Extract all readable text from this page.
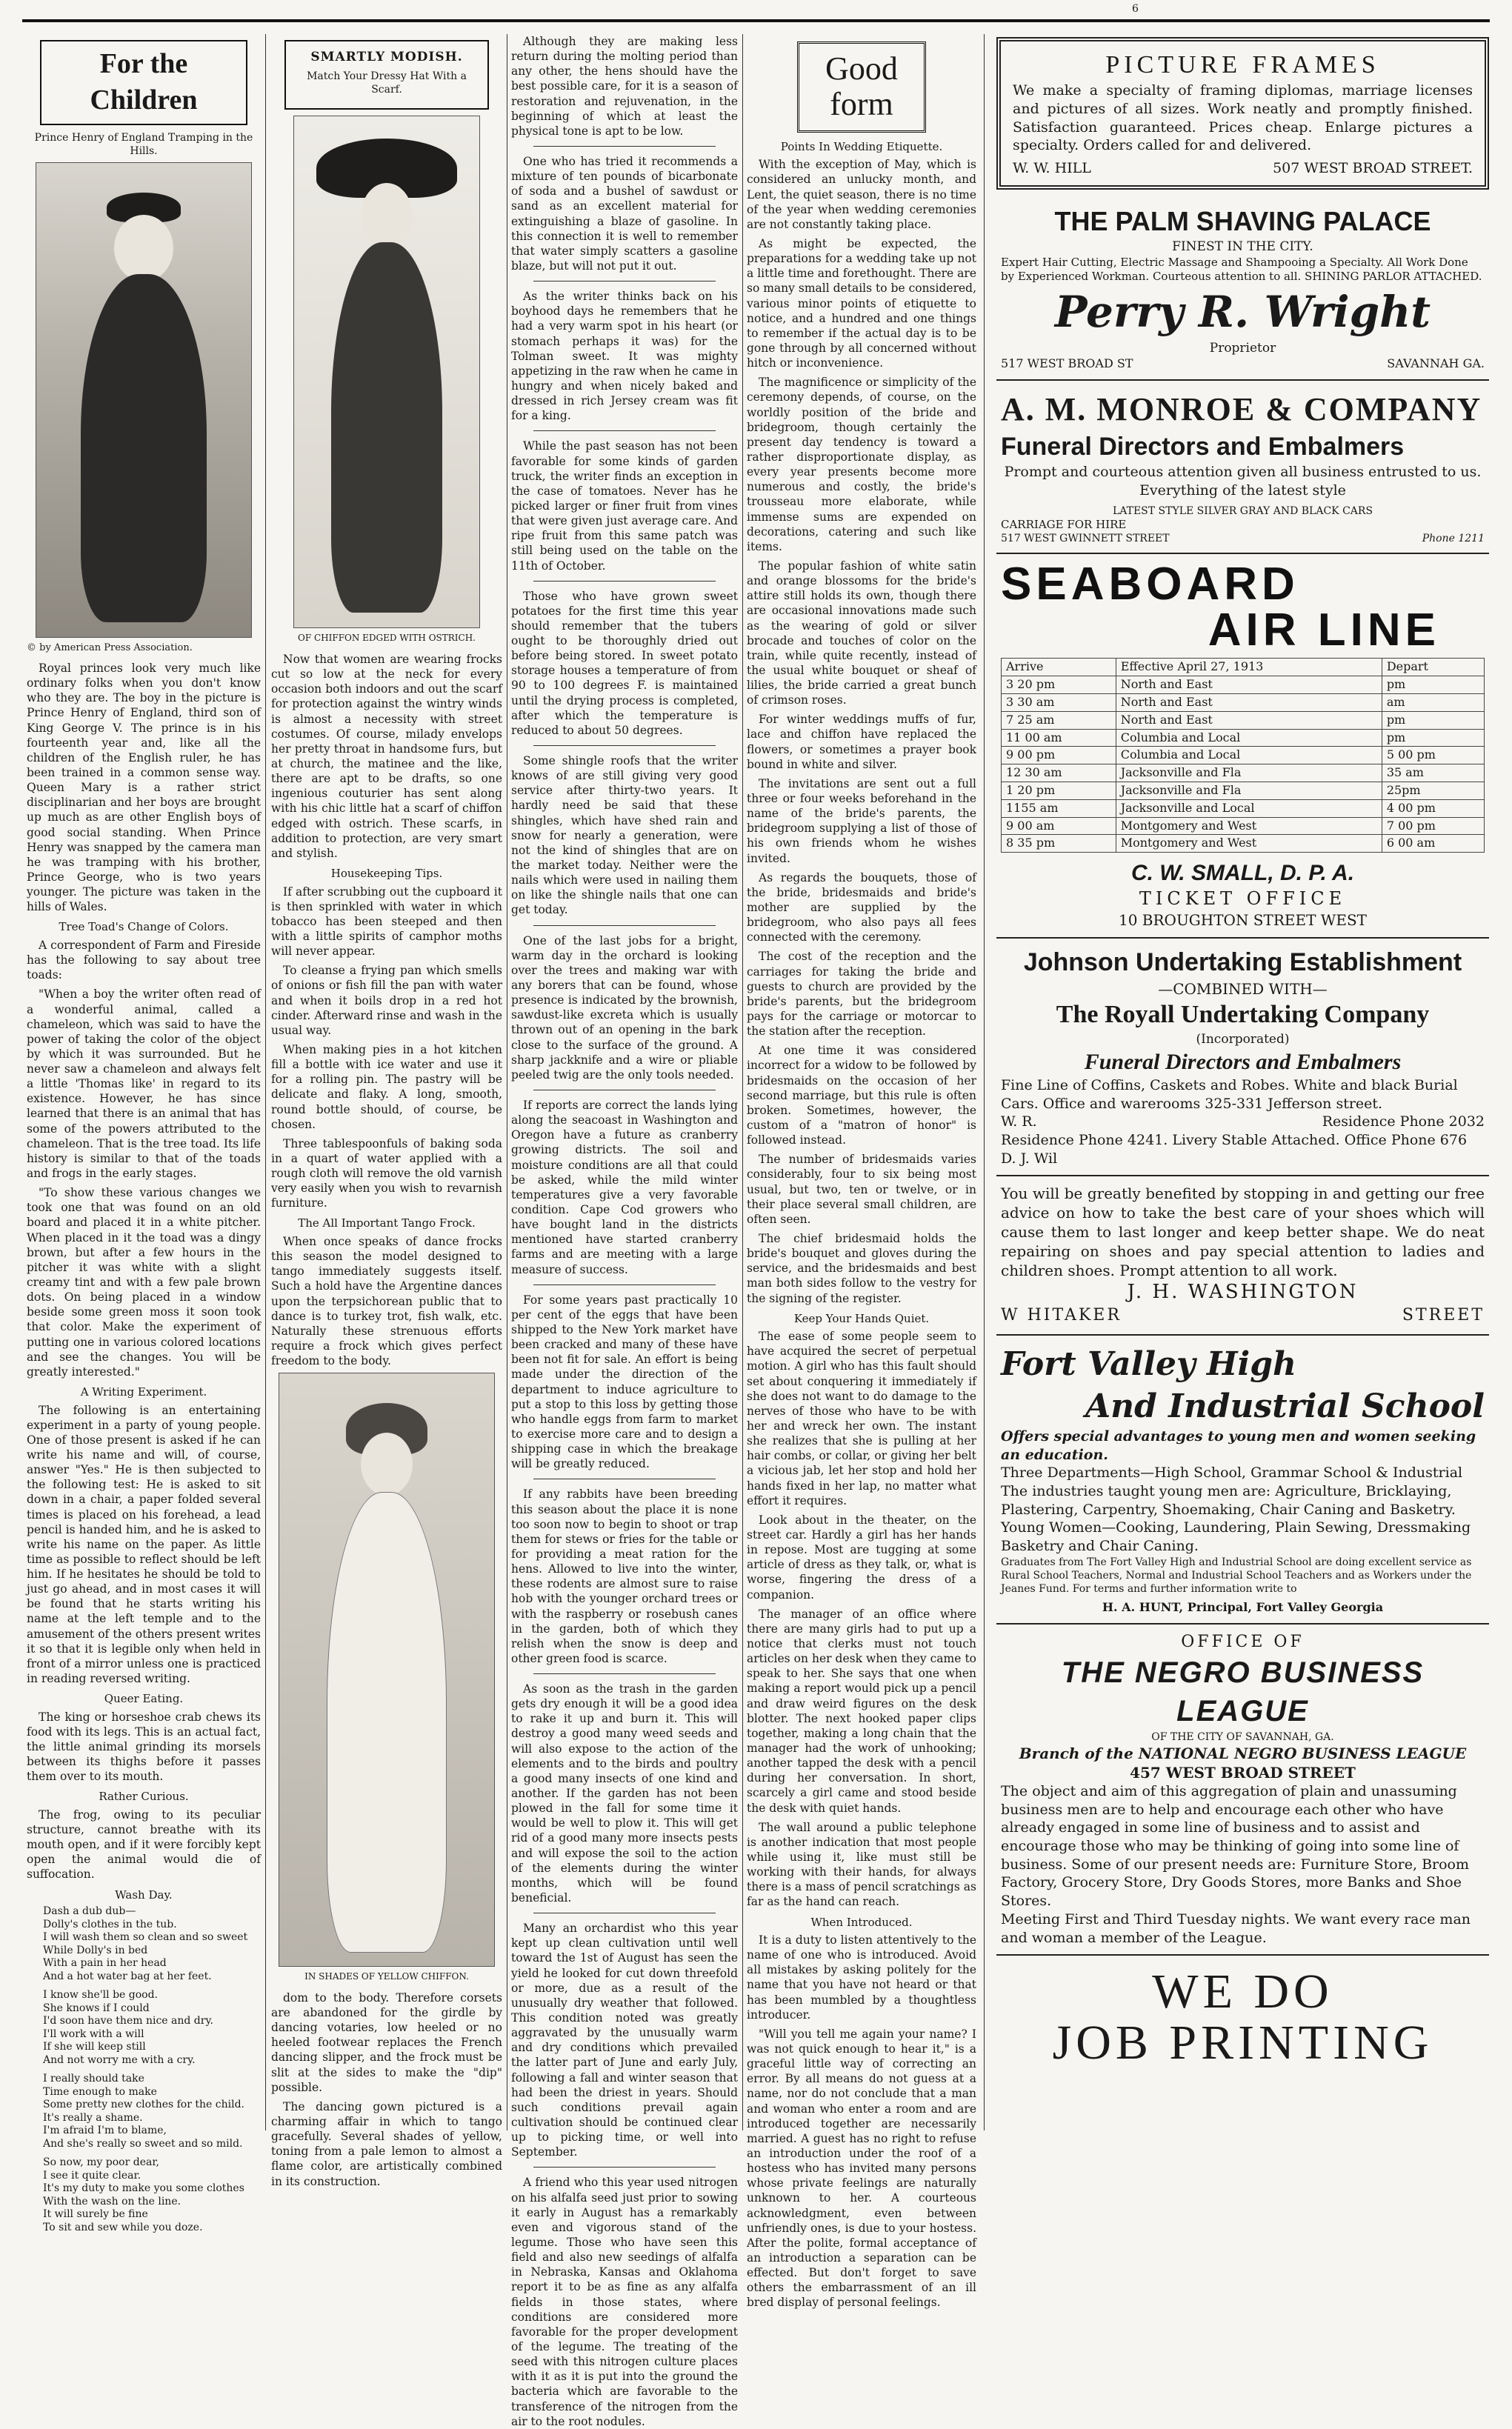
6
For the Children
Prince Henry of England Tramping in the Hills.
© by American Press Association.

Royal princes look very much like ordinary folks when you don't know who they are. The boy in the picture is Prince Henry of England, third son of King George V. The prince is in his fourteenth year and, like all the children of the English ruler, he has been trained in a common sense way. Queen Mary is a rather strict disciplinarian and her boys are brought up much as are other English boys of good social standing. When Prince Henry was snapped by the camera man he was tramping with his brother, Prince George, who is two years younger. The picture was taken in the hills of Wales.

Tree Toad's Change of Colors.

A correspondent of Farm and Fireside has the following to say about tree toads:

"When a boy the writer often read of a wonderful animal, called a chameleon, which was said to have the power of taking the color of the object by which it was surrounded. But he never saw a chameleon and always felt a little 'Thomas like' in regard to its existence. However, he has since learned that there is an animal that has some of the powers attributed to the chameleon. That is the tree toad. Its life history is similar to that of the toads and frogs in the early stages.

"To show these various changes we took one that was found on an old board and placed it in a white pitcher. When placed in it the toad was a dingy brown, but after a few hours in the pitcher it was white with a slight creamy tint and with a few pale brown dots. On being placed in a window beside some green moss it soon took that color. Make the experiment of putting one in various colored locations and see the changes. You will be greatly interested."

A Writing Experiment.

The following is an entertaining experiment in a party of young people. One of those present is asked if he can write his name and will, of course, answer "Yes." He is then subjected to the following test: He is asked to sit down in a chair, a paper folded several times is placed on his forehead, a lead pencil is handed him, and he is asked to write his name on the paper. As little time as possible to reflect should be left him. If he hesitates he should be told to just go ahead, and in most cases it will be found that he starts writing his name at the left temple and to the amusement of the others present writes it so that it is legible only when held in front of a mirror unless one is practiced in reading reversed writing.

Queer Eating.

The king or horseshoe crab chews its food with its legs. This is an actual fact, the little animal grinding its morsels between its thighs before it passes them over to its mouth.

Rather Curious.

The frog, owing to its peculiar structure, cannot breathe with its mouth open, and if it were forcibly kept open the animal would die of suffocation.

Wash Day.
Dash a dub dub—
Dolly's clothes in the tub.
I will wash them so clean and so sweet
While Dolly's in bed
With a pain in her head
And a hot water bag at her feet.
I know she'll be good.
She knows if I could
I'd soon have them nice and dry.
I'll work with a will
If she will keep still
And not worry me with a cry.
I really should take
Time enough to make
Some pretty new clothes for the child.
It's really a shame.
I'm afraid I'm to blame,
And she's really so sweet and so mild.
So now, my poor dear,
I see it quite clear.
It's my duty to make you some clothes
With the wash on the line.
It will surely be fine
To sit and sew while you doze.
SMARTLY MODISH.
Match Your Dressy Hat With a Scarf.
OF CHIFFON EDGED WITH OSTRICH.

Now that women are wearing frocks cut so low at the neck for every occasion both indoors and out the scarf for protection against the wintry winds is almost a necessity with street costumes. Of course, milady envelops her pretty throat in handsome furs, but at church, the matinee and the like, there are apt to be drafts, so one ingenious couturier has sent along with his chic little hat a scarf of chiffon edged with ostrich. These scarfs, in addition to protection, are very smart and stylish.

Housekeeping Tips.

If after scrubbing out the cupboard it is then sprinkled with water in which tobacco has been steeped and then with a little spirits of camphor moths will never appear.

To cleanse a frying pan which smells of onions or fish fill the pan with water and when it boils drop in a red hot cinder. Afterward rinse and wash in the usual way.

When making pies in a hot kitchen fill a bottle with ice water and use it for a rolling pin. The pastry will be delicate and flaky. A long, smooth, round bottle should, of course, be chosen.

Three tablespoonfuls of baking soda in a quart of water applied with a rough cloth will remove the old varnish very easily when you wish to revarnish furniture.

The All Important Tango Frock.

When once speaks of dance frocks this season the model designed to tango immediately suggests itself. Such a hold have the Argentine dances upon the terpsichorean public that to dance is to turkey trot, fish walk, etc. Naturally these strenuous efforts require a frock which gives perfect freedom to the body.

IN SHADES OF YELLOW CHIFFON.

dom to the body. Therefore corsets are abandoned for the girdle by dancing votaries, low heeled or no heeled footwear replaces the French dancing slipper, and the frock must be slit at the sides to make the "dip" possible.

The dancing gown pictured is a charming affair in which to tango gracefully. Several shades of yellow, toning from a pale lemon to almost a flame color, are artistically combined in its construction.

Although they are making less return during the molting period than any other, the hens should have the best possible care, for it is a season of restoration and rejuvenation, in the beginning of which at least the physical tone is apt to be low.

One who has tried it recommends a mixture of ten pounds of bicarbonate of soda and a bushel of sawdust or sand as an excellent material for extinguishing a blaze of gasoline. In this connection it is well to remember that water simply scatters a gasoline blaze, but will not put it out.

As the writer thinks back on his boyhood days he remembers that he had a very warm spot in his heart (or stomach perhaps it was) for the Tolman sweet. It was mighty appetizing in the raw when he came in hungry and when nicely baked and dressed in rich Jersey cream was fit for a king.

While the past season has not been favorable for some kinds of garden truck, the writer finds an exception in the case of tomatoes. Never has he picked larger or finer fruit from vines that were given just average care. And ripe fruit from this same patch was still being used on the table on the 11th of October.

Those who have grown sweet potatoes for the first time this year should remember that the tubers ought to be thoroughly dried out before being stored. In sweet potato storage houses a temperature of from 90 to 100 degrees F. is maintained until the drying process is completed, after which the temperature is reduced to about 50 degrees.

Some shingle roofs that the writer knows of are still giving very good service after thirty-two years. It hardly need be said that these shingles, which have shed rain and snow for nearly a generation, were not the kind of shingles that are on the market today. Neither were the nails which were used in nailing them on like the shingle nails that one can get today.

One of the last jobs for a bright, warm day in the orchard is looking over the trees and making war with any borers that can be found, whose presence is indicated by the brownish, sawdust-like excreta which is usually thrown out of an opening in the bark close to the surface of the ground. A sharp jackknife and a wire or pliable peeled twig are the only tools needed.

If reports are correct the lands lying along the seacoast in Washington and Oregon have a future as cranberry growing districts. The soil and moisture conditions are all that could be asked, while the mild winter temperatures give a very favorable condition. Cape Cod growers who have bought land in the districts mentioned have started cranberry farms and are meeting with a large measure of success.

For some years past practically 10 per cent of the eggs that have been shipped to the New York market have been cracked and many of these have been not fit for sale. An effort is being made under the direction of the department to induce agriculture to put a stop to this loss by getting those who handle eggs from farm to market to exercise more care and to design a shipping case in which the breakage will be greatly reduced.

If any rabbits have been breeding this season about the place it is none too soon now to begin to shoot or trap them for stews or fries for the table or for providing a meat ration for the hens. Allowed to live into the winter, these rodents are almost sure to raise hob with the younger orchard trees or with the raspberry or rosebush canes in the garden, both of which they relish when the snow is deep and other green food is scarce.

As soon as the trash in the garden gets dry enough it will be a good idea to rake it up and burn it. This will destroy a good many weed seeds and will also expose to the action of the elements and to the birds and poultry a good many insects of one kind and another. If the garden has not been plowed in the fall for some time it would be well to plow it. This will get rid of a good many more insects pests and will expose the soil to the action of the elements during the winter months, which will be found beneficial.

Many an orchardist who this year kept up clean cultivation until well toward the 1st of August has seen the yield he looked for cut down threefold or more, due as a result of the unusually dry weather that followed. This condition noted was greatly aggravated by the unusually warm and dry conditions which prevailed the latter part of June and early July, following a fall and winter season that had been the driest in years. Should such conditions prevail again cultivation should be continued clear up to picking time, or well into September.

A friend who this year used nitrogen on his alfalfa seed just prior to sowing it early in August has a remarkably even and vigorous stand of the legume. Those who have seen this field and also new seedings of alfalfa in Nebraska, Kansas and Oklahoma report it to be as fine as any alfalfa fields in those states, where conditions are considered more favorable for the proper development of the legume. The treating of the seed with this nitrogen culture places with it as it is put into the ground the bacteria which are favorable to the transference of the nitrogen from the air to the root nodules.

Good form
Points In Wedding Etiquette.

With the exception of May, which is considered an unlucky month, and Lent, the quiet season, there is no time of the year when wedding ceremonies are not constantly taking place.

As might be expected, the preparations for a wedding take up not a little time and forethought. There are so many small details to be considered, various minor points of etiquette to notice, and a hundred and one things to remember if the actual day is to be gone through by all concerned without hitch or inconvenience.

The magnificence or simplicity of the ceremony depends, of course, on the worldly position of the bride and bridegroom, though certainly the present day tendency is toward a rather disproportionate display, as every year presents become more numerous and costly, the bride's trousseau more elaborate, while immense sums are expended on decorations, catering and such like items.

The popular fashion of white satin and orange blossoms for the bride's attire still holds its own, though there are occasional innovations made such as the wearing of gold or silver brocade and touches of color on the train, while quite recently, instead of the usual white bouquet or sheaf of lilies, the bride carried a great bunch of crimson roses.

For winter weddings muffs of fur, lace and chiffon have replaced the flowers, or sometimes a prayer book bound in white and silver.

The invitations are sent out a full three or four weeks beforehand in the name of the bride's parents, the bridegroom supplying a list of those of his own friends whom he wishes invited.

As regards the bouquets, those of the bride, bridesmaids and bride's mother are supplied by the bridegroom, who also pays all fees connected with the ceremony.

The cost of the reception and the carriages for taking the bride and guests to church are provided by the bride's parents, but the bridegroom pays for the carriage or motorcar to the station after the reception.

At one time it was considered incorrect for a widow to be followed by bridesmaids on the occasion of her second marriage, but this rule is often broken. Sometimes, however, the custom of a "matron of honor" is followed instead.

The number of bridesmaids varies considerably, four to six being most usual, but two, ten or twelve, or in their place several small children, are often seen.

The chief bridesmaid holds the bride's bouquet and gloves during the service, and the bridesmaids and best man both sides follow to the vestry for the signing of the register.

Keep Your Hands Quiet.

The ease of some people seem to have acquired the secret of perpetual motion. A girl who has this fault should set about conquering it immediately if she does not want to do damage to the nerves of those who have to be with her and wreck her own. The instant she realizes that she is pulling at her hair combs, or collar, or giving her belt a vicious jab, let her stop and hold her hands fixed in her lap, no matter what effort it requires.

Look about in the theater, on the street car. Hardly a girl has her hands in repose. Most are tugging at some article of dress as they talk, or, what is worse, fingering the dress of a companion.

The manager of an office where there are many girls had to put up a notice that clerks must not touch articles on her desk when they came to speak to her. She says that one when making a report would pick up a pencil and draw weird figures on the desk blotter. The next hooked paper clips together, making a long chain that the manager had the work of unhooking; another tapped the desk with a pencil during her conversation. In short, scarcely a girl came and stood beside the desk with quiet hands.

The wall around a public telephone is another indication that most people while using it, like must still be working with their hands, for always there is a mass of pencil scratchings as far as the hand can reach.

When Introduced.

It is a duty to listen attentively to the name of one who is introduced. Avoid all mistakes by asking politely for the name that you have not heard or that has been mumbled by a thoughtless introducer.

"Will you tell me again your name? I was not quick enough to hear it," is a graceful little way of correcting an error. By all means do not guess at a name, nor do not conclude that a man and woman who enter a room and are introduced together are necessarily married. A guest has no right to refuse an introduction under the roof of a hostess who has invited many persons whose private feelings are naturally unknown to her. A courteous acknowledgment, even between unfriendly ones, is due to your hostess. After the polite, formal acceptance of an introduction a separation can be effected. But don't forget to save others the embarrassment of an ill bred display of personal feelings.

PICTURE FRAMES
We make a specialty of framing diplomas, marriage licenses and pictures of all sizes. Work neatly and promptly finished. Satisfaction guaranteed. Prices cheap. Enlarge pictures a specialty. Orders called for and delivered.
W. W. HILL	507 WEST BROAD STREET.
THE PALM SHAVING PALACE
FINEST IN THE CITY.
Expert Hair Cutting, Electric Massage and Shampooing a Specialty. All Work Done by Experienced Workman. Courteous attention to all. SHINING PARLOR ATTACHED.
Perry R. Wright
Proprietor
517 WEST BROAD ST	SAVANNAH GA.
A. M. MONROE & COMPANY
Funeral Directors and Embalmers
Prompt and courteous attention given all business entrusted to us. Everything of the latest style
LATEST STYLE SILVER GRAY AND BLACK CARS
CARRIAGE FOR HIRE
517 WEST GWINNETT STREET	Phone 1211
SEABOARD
AIR LINE
Arrive	Effective April 27, 1913	Depart
3 20 pm	North and East	pm
3 30 am	North and East	am
7 25 am	North and East	pm
11 00 am	Columbia and Local	pm
9 00 pm	Columbia and Local	5 00 pm
12 30 am	Jacksonville and Fla	35 am
1 20 pm	Jacksonville and Fla	25pm
1155 am	Jacksonville and Local	4 00 pm
9 00 am	Montgomery and West	7 00 pm
8 35 pm	Montgomery and West	6 00 am
C. W. SMALL, D. P. A.
TICKET OFFICE
10 BROUGHTON STREET WEST
Johnson Undertaking Establishment
—COMBINED WITH—
The Royall Undertaking Company
(Incorporated)
Funeral Directors and Embalmers
Fine Line of Coffins, Caskets and Robes. White and black Burial Cars. Office and warerooms 325-331 Jefferson street.
W. R.	Residence Phone 2032
Residence Phone 4241. Livery Stable Attached. Office Phone 676
D. J. Wil
You will be greatly benefited by stopping in and getting our free advice on how to take the best care of your shoes which will cause them to last longer and keep better shape. We do neat repairing on shoes and pay special attention to ladies and children shoes. Prompt attention to all work.
J. H. WASHINGTON
W HITAKER	STREET
Fort Valley High
And Industrial School
Offers special advantages to young men and women seeking an education.
Three Departments—High School, Grammar School & Industrial
The industries taught young men are: Agriculture, Bricklaying, Plastering, Carpentry, Shoemaking, Chair Caning and Basketry.
Young Women—Cooking, Laundering, Plain Sewing, Dressmaking Basketry and Chair Caning.
Graduates from The Fort Valley High and Industrial School are doing excellent service as Rural School Teachers, Normal and Industrial School Teachers and as Workers under the Jeanes Fund. For terms and further information write to
H. A. HUNT, Principal, Fort Valley Georgia
OFFICE OF
THE NEGRO BUSINESS LEAGUE
OF THE CITY OF SAVANNAH, GA.
Branch of the NATIONAL NEGRO BUSINESS LEAGUE
457 WEST BROAD STREET
The object and aim of this aggregation of plain and unassuming business men are to help and encourage each other who have already engaged in some line of business and to assist and encourage those who may be thinking of going into some line of business. Some of our present needs are: Furniture Store, Broom Factory, Grocery Store, Dry Goods Stores, more Banks and Shoe Stores.
Meeting First and Third Tuesday nights. We want every race man and woman a member of the League.
WE DO
JOB PRINTING
